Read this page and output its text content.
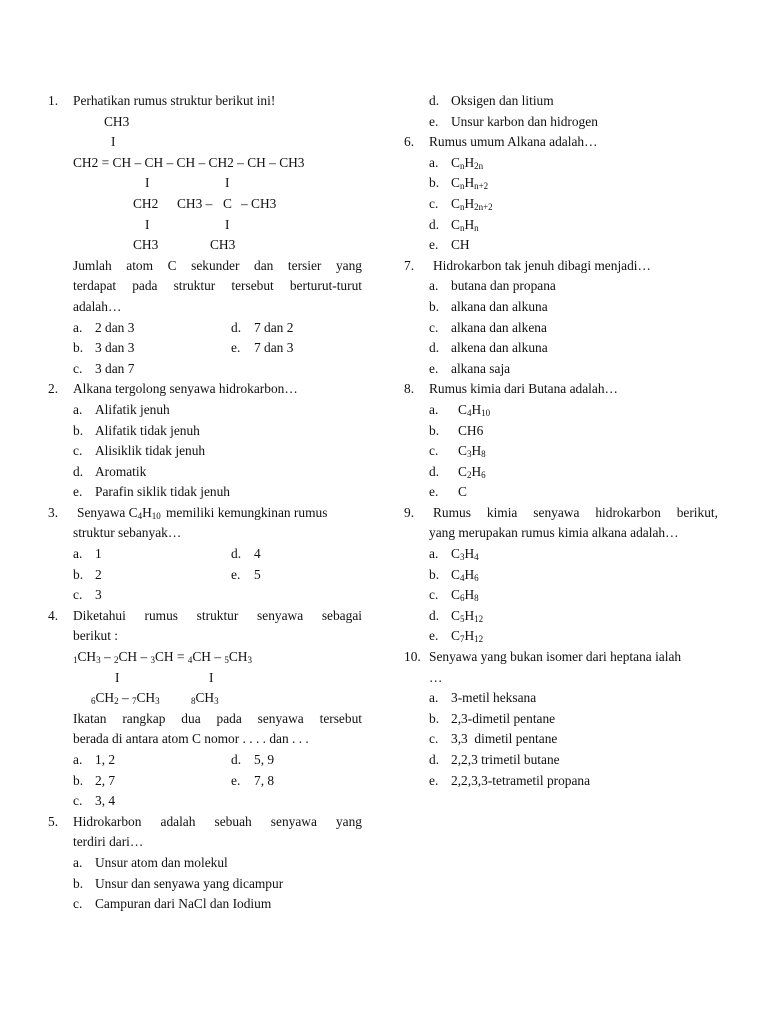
1. Perhatikan rumus struktur berikut ini!
CH3
I
CH2 = CH – CH – CH – CH2 – CH – CH3
I	I
CH2 CH3 – C – CH3
I	I
CH3	CH3
Jumlah atom C sekunder dan tersier yang
terdapat pada struktur tersebut berturut-turut
adalah…
a. 2 dan 3	d. 7 dan 2
b. 3 dan 3	e. 7 dan 3
c. 3 dan 7
2. Alkana tergolong senyawa hidrokarbon…
a. Alifatik jenuh
b. Alifatik tidak jenuh
c. Alisiklik tidak jenuh
d. Aromatik
e. Parafin siklik tidak jenuh
3. Senyawa $C_4H_{10}$ memiliki kemungkinan rumus
struktur sebanyak…
a. 1	d. 4
b. 2	e. 5
c. 3
4. Diketahui rumus struktur senyawa sebagai
berikut :
$1CH_3 - 2CH - 3CH = 4CH - 5CH_3$
I	I
$6CH_2 - 7CH_3$	$8CH_3$
Ikatan rangkap dua pada senyawa tersebut
berada di antara atom C nomor . . . . dan . . .
a. 1, 2	d. 5, 9
b. 2, 7	e. 7, 8
c. 3, 4
5. Hidrokarbon adalah sebuah senyawa yang
terdiri dari…
a. Unsur atom dan molekul
b. Unsur dan senyawa yang dicampur
c. Campuran dari NaCl dan Iodium
d. Oksigen dan litium
e. Unsur karbon dan hidrogen
6. Rumus umum Alkana adalah…
a. $C_nH_{2n}$
b. $C_nH_{n+2}$
c. $C_nH_{2n+2}$
d. $C_nH_n$
e. CH
7. Hidrokarbon tak jenuh dibagi menjadi…
a. butana dan propana
b. alkana dan alkuna
c. alkana dan alkena
d. alkena dan alkuna
e. alkana saja
8. Rumus kimia dari Butana adalah…
a. $C_4H_{10}$
b. CH6
c. $C_3H_8$
d. $C_2H_6$
e. C
9. Rumus kimia senyawa hidrokarbon berikut,
yang merupakan rumus kimia alkana adalah…
a. $C_3H_4$
b. $C_4H_6$
c. $C_6H_8$
d. $C_5H_{12}$
e. $C_7H_{12}$
10. Senyawa yang bukan isomer dari heptana ialah
…
a. 3-metil heksana
b. 2,3-dimetil pentane
c. 3,3  dimetil pentane
d. 2,2,3 trimetil butane
e. 2,2,3,3-tetrametil propana
